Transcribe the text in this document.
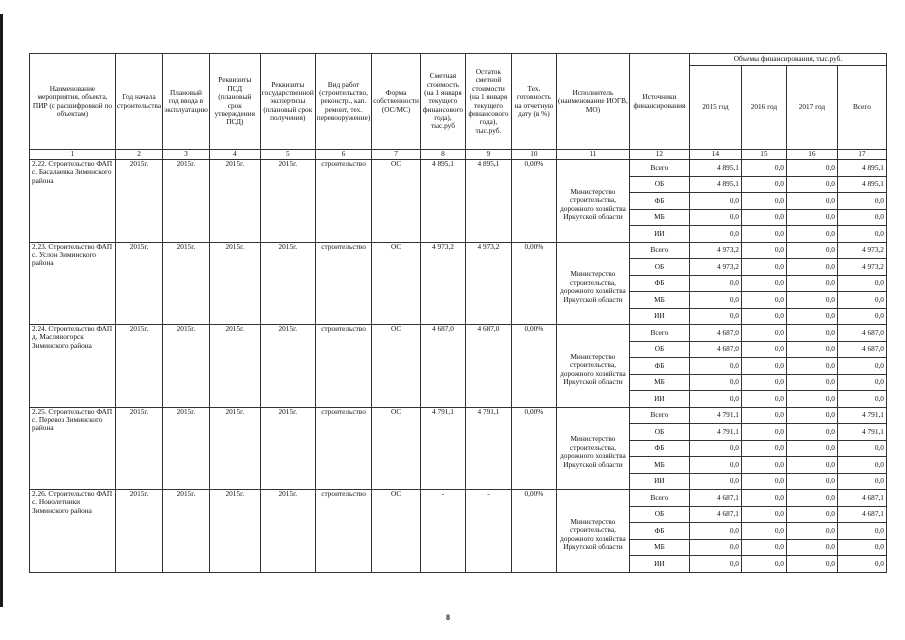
Наименование мероприятия, объекта, ПИР (с расшифровкой по объектам)	Год начала строительства	Плановый год ввода в эксплуатацию	Реквизиты ПСД (плановый срок утверждения ПСД)	Реквизиты государственной экспертизы (плановый срок получения)	Вид работ (строительство, реконстр., кап. ремонт, тех. перевооружение)	Форма собственности (ОС/МС)	Сметная стоимость (на 1 января текущего финансового года), тыс.руб	Остаток сметной стоимости (на 1 января текущего финансового года), тыс.руб.	Тех. готовность на отчетную дату (в %)	Исполнитель (наименование ИОГВ, МО)	Источники финансирования	Объемы финансирования, тыс.руб.			
												2015 год	2016 год	2017 год	Всего
1	2	3	4	5	6	7	8	9	10	11	12	14	15	16	17
2.22. Строительство ФАП с. Басалаевка Зиминского района	2015г.	2015г.	2015г.	2015г.	строительство	ОС	4 895,1	4 895,1	0,00%	Министерство строительства, дорожного хозяйства Иркутской области	Всего	4 895,1	0,0	0,0	4 895,1
											ОБ	4 895,1	0,0	0,0	4 895,1
											ФБ	0,0	0,0	0,0	0,0
											МБ	0,0	0,0	0,0	0,0
											ИИ	0,0	0,0	0,0	0,0
2.23. Строительство ФАП с. Услон Зиминского района	2015г.	2015г.	2015г.	2015г.	строительство	ОС	4 973,2	4 973,2	0,00%	Министерство строительства, дорожного хозяйства Иркутской области	Всего	4 973,2	0,0	0,0	4 973,2
											ОБ	4 973,2	0,0	0,0	4 973,2
											ФБ	0,0	0,0	0,0	0,0
											МБ	0,0	0,0	0,0	0,0
											ИИ	0,0	0,0	0,0	0,0
2.24. Строительство ФАП д. Масляногорск Зиминского района	2015г.	2015г.	2015г.	2015г.	строительство	ОС	4 687,0	4 687,0	0,00%	Министерство строительства, дорожного хозяйства Иркутской области	Всего	4 687,0	0,0	0,0	4 687,0
											ОБ	4 687,0	0,0	0,0	4 687,0
											ФБ	0,0	0,0	0,0	0,0
											МБ	0,0	0,0	0,0	0,0
											ИИ	0,0	0,0	0,0	0,0
2.25. Строительство ФАП с. Перевоз Зиминского района	2015г.	2015г.	2015г.	2015г.	строительство	ОС	4 791,1	4 791,1	0,00%	Министерство строительства, дорожного хозяйства Иркутской области	Всего	4 791,1	0,0	0,0	4 791,1
											ОБ	4 791,1	0,0	0,0	4 791,1
											ФБ	0,0	0,0	0,0	0,0
											МБ	0,0	0,0	0,0	0,0
											ИИ	0,0	0,0	0,0	0,0
2.26. Строительство ФАП с. Новолетники Зиминского района	2015г.	2015г.	2015г.	2015г.	строительство	ОС	-	-	0,00%	Министерство строительства, дорожного хозяйства Иркутской области	Всего	4 687,1	0,0	0,0	4 687,1
											ОБ	4 687,1	0,0	0,0	4 687,1
											ФБ	0,0	0,0	0,0	0,0
											МБ	0,0	0,0	0,0	0,0
											ИИ	0,0	0,0	0,0	0,0
8
